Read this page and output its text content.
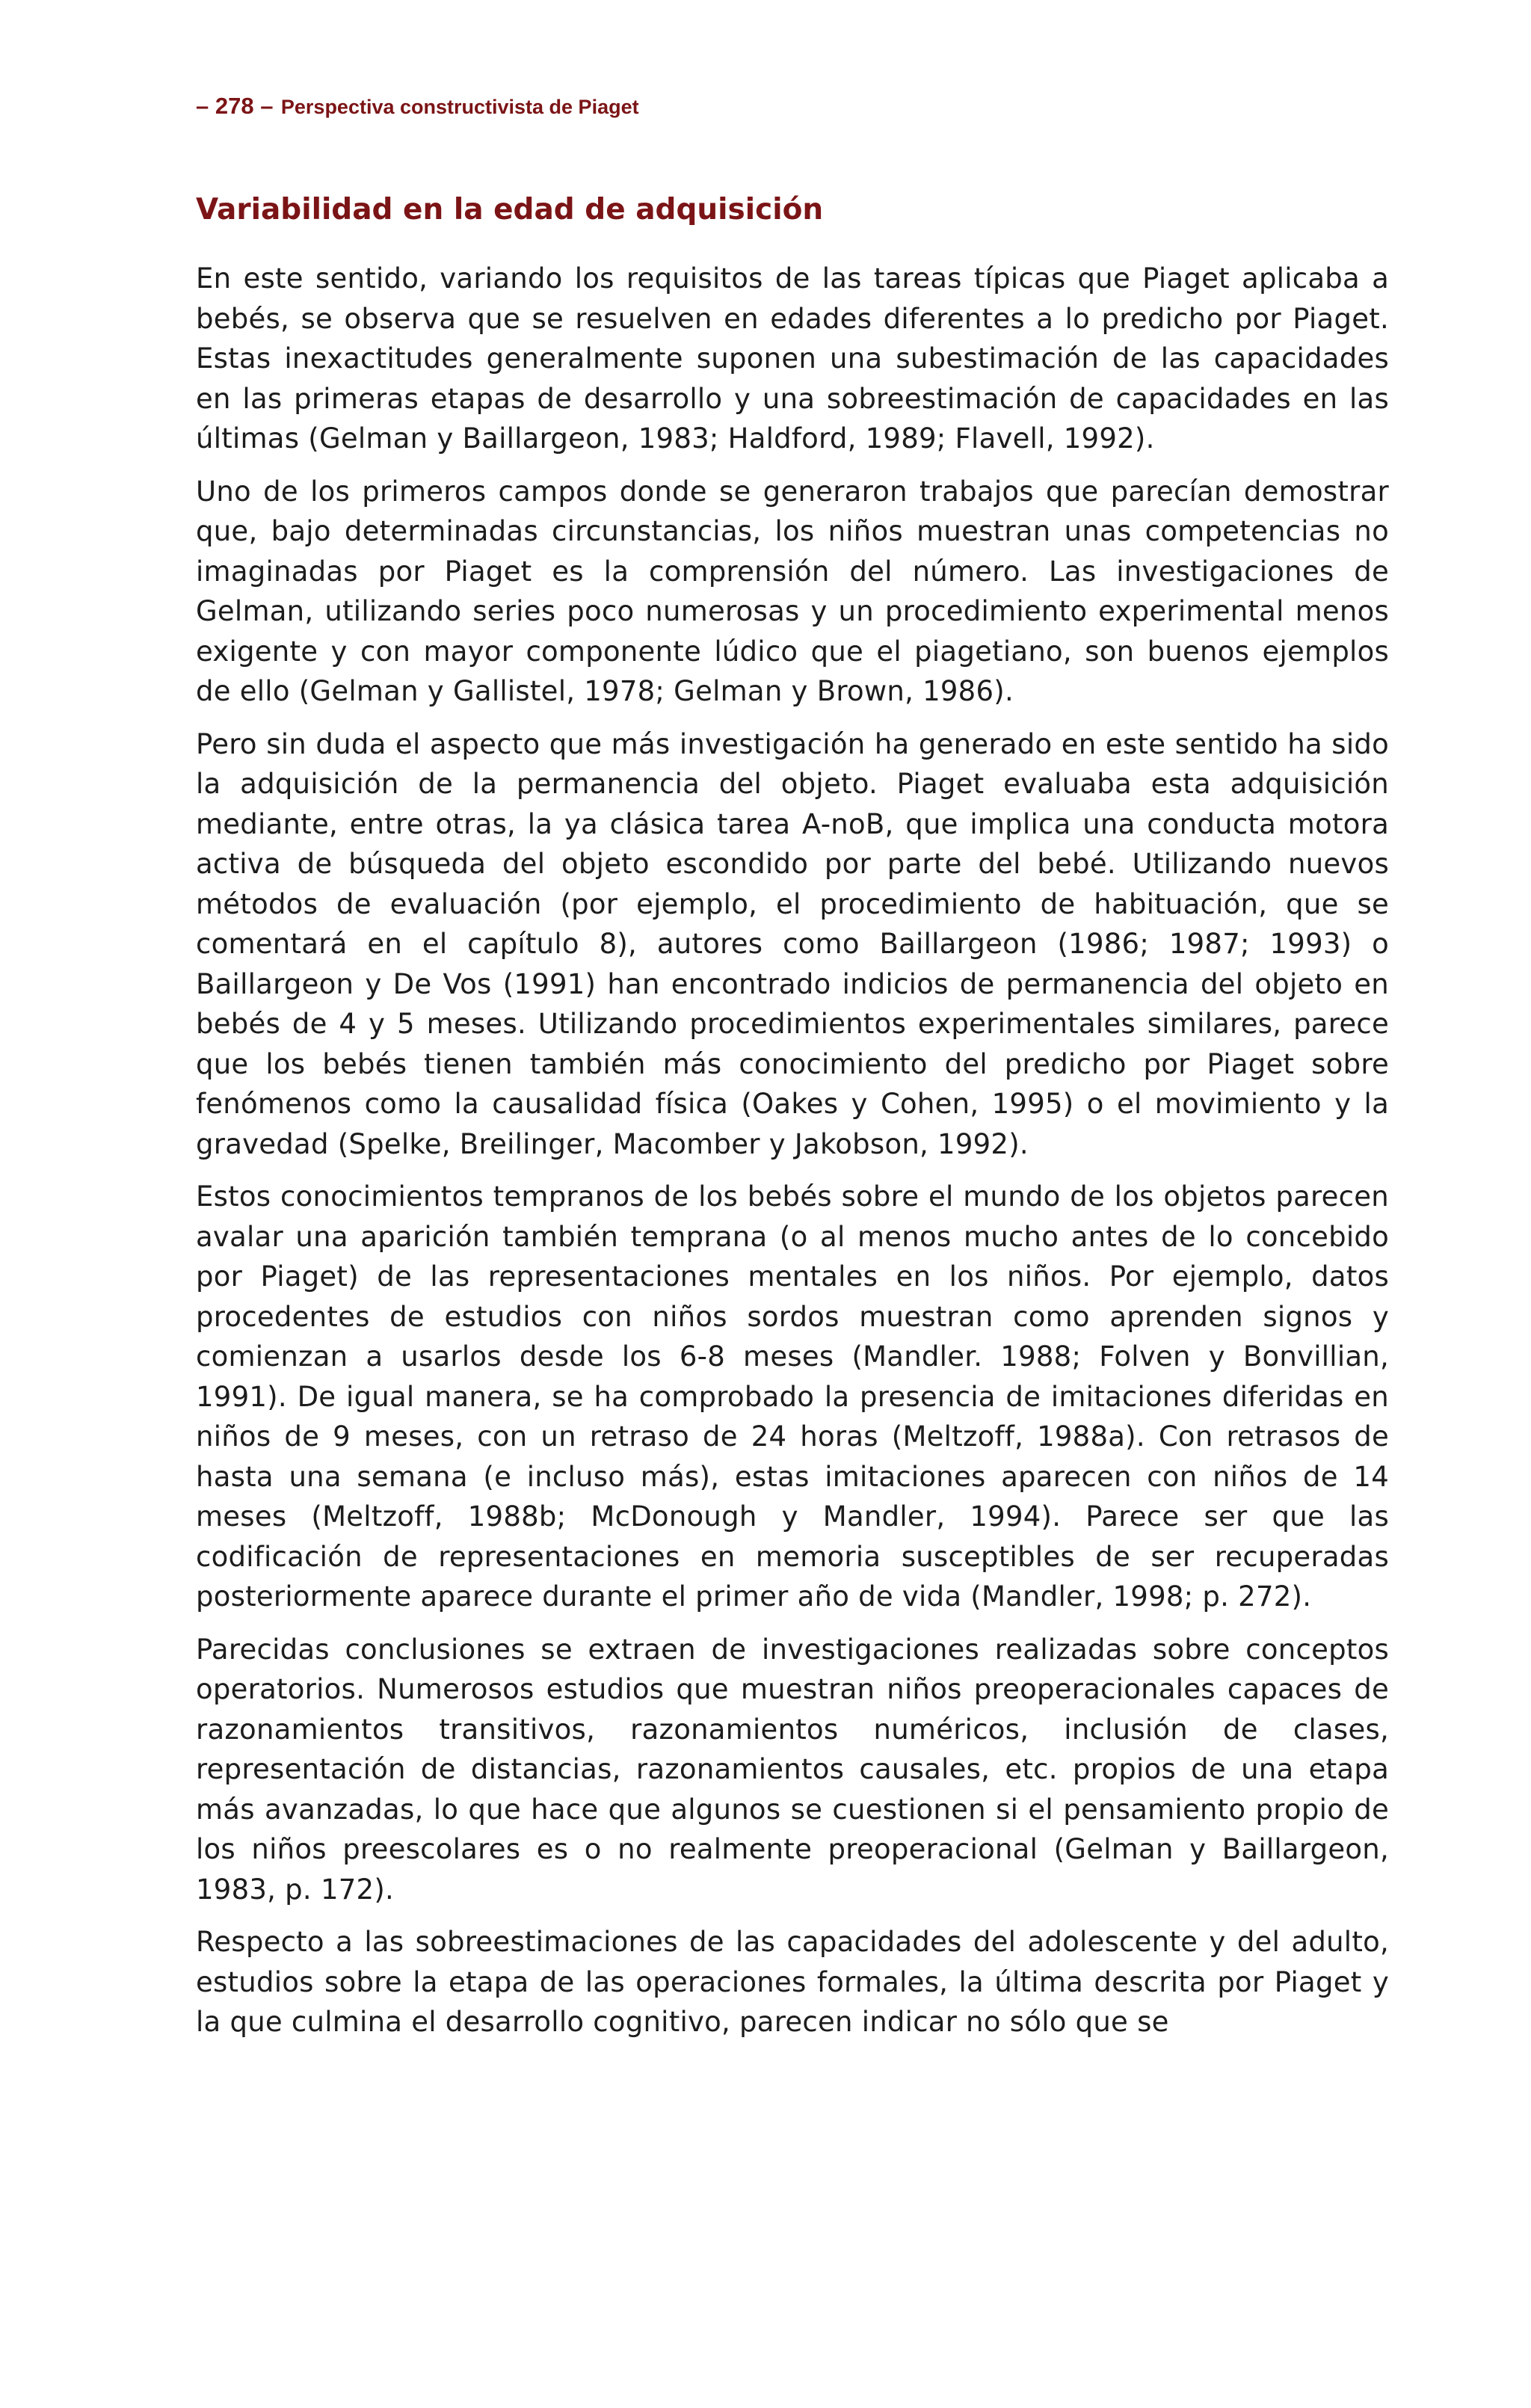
– 278 – Perspectiva constructivista de Piaget
Variabilidad en la edad de adquisición

En este sentido, variando los requisitos de las tareas típicas que Piaget aplicaba a bebés, se observa que se resuelven en edades diferentes a lo predicho por Piaget. Estas inexactitudes generalmente suponen una subestimación de las capacidades en las primeras etapas de desarrollo y una sobreestimación de capacidades en las últimas (Gelman y Baillargeon, 1983; Haldford, 1989; Flavell, 1992).

Uno de los primeros campos donde se generaron trabajos que parecían demostrar que, bajo determinadas circunstancias, los niños muestran unas competencias no imaginadas por Piaget es la comprensión del número. Las investigaciones de Gelman, utilizando series poco numerosas y un procedimiento experimental menos exigente y con mayor componente lúdico que el piagetiano, son buenos ejemplos de ello (Gelman y Gallistel, 1978; Gelman y Brown, 1986).

Pero sin duda el aspecto que más investigación ha generado en este sentido ha sido la adquisición de la permanencia del objeto. Piaget evaluaba esta adquisición mediante, entre otras, la ya clásica tarea A-noB, que implica una conducta motora activa de búsqueda del objeto escondido por parte del bebé. Utilizando nuevos métodos de evaluación (por ejemplo, el procedimiento de habituación, que se comentará en el capítulo 8), autores como Baillargeon (1986; 1987; 1993) o Baillargeon y De Vos (1991) han encontrado indicios de permanencia del objeto en bebés de 4 y 5 meses. Utilizando procedimientos experimentales similares, parece que los bebés tienen también más conocimiento del predicho por Piaget sobre fenómenos como la causalidad física (Oakes y Cohen, 1995) o el movimiento y la gravedad (Spelke, Breilinger, Macomber y Jakobson, 1992).

Estos conocimientos tempranos de los bebés sobre el mundo de los objetos parecen avalar una aparición también temprana (o al menos mucho antes de lo concebido por Piaget) de las representaciones mentales en los niños. Por ejemplo, datos procedentes de estudios con niños sordos muestran como aprenden signos y comienzan a usarlos desde los 6-8 meses (Mandler. 1988; Folven y Bonvillian, 1991). De igual manera, se ha comprobado la presencia de imitaciones diferidas en niños de 9 meses, con un retraso de 24 horas (Meltzoff, 1988a). Con retrasos de hasta una semana (e incluso más), estas imitaciones aparecen con niños de 14 meses (Meltzoff, 1988b; McDonough y Mandler, 1994). Parece ser que las codificación de representaciones en memoria susceptibles de ser recuperadas posteriormente aparece durante el primer año de vida (Mandler, 1998; p. 272).

Parecidas conclusiones se extraen de investigaciones realizadas sobre conceptos operatorios. Numerosos estudios que muestran niños preoperacionales capaces de razonamientos transitivos, razonamientos numéricos, inclusión de clases, representación de distancias, razonamientos causales, etc. propios de una etapa más avanzadas, lo que hace que algunos se cuestionen si el pensamiento propio de los niños preescolares es o no realmente preoperacional (Gelman y Baillargeon, 1983, p. 172).

Respecto a las sobreestimaciones de las capacidades del adolescente y del adulto, estudios sobre la etapa de las operaciones formales, la última descrita por Piaget y la que culmina el desarrollo cognitivo, parecen indicar no sólo que se
